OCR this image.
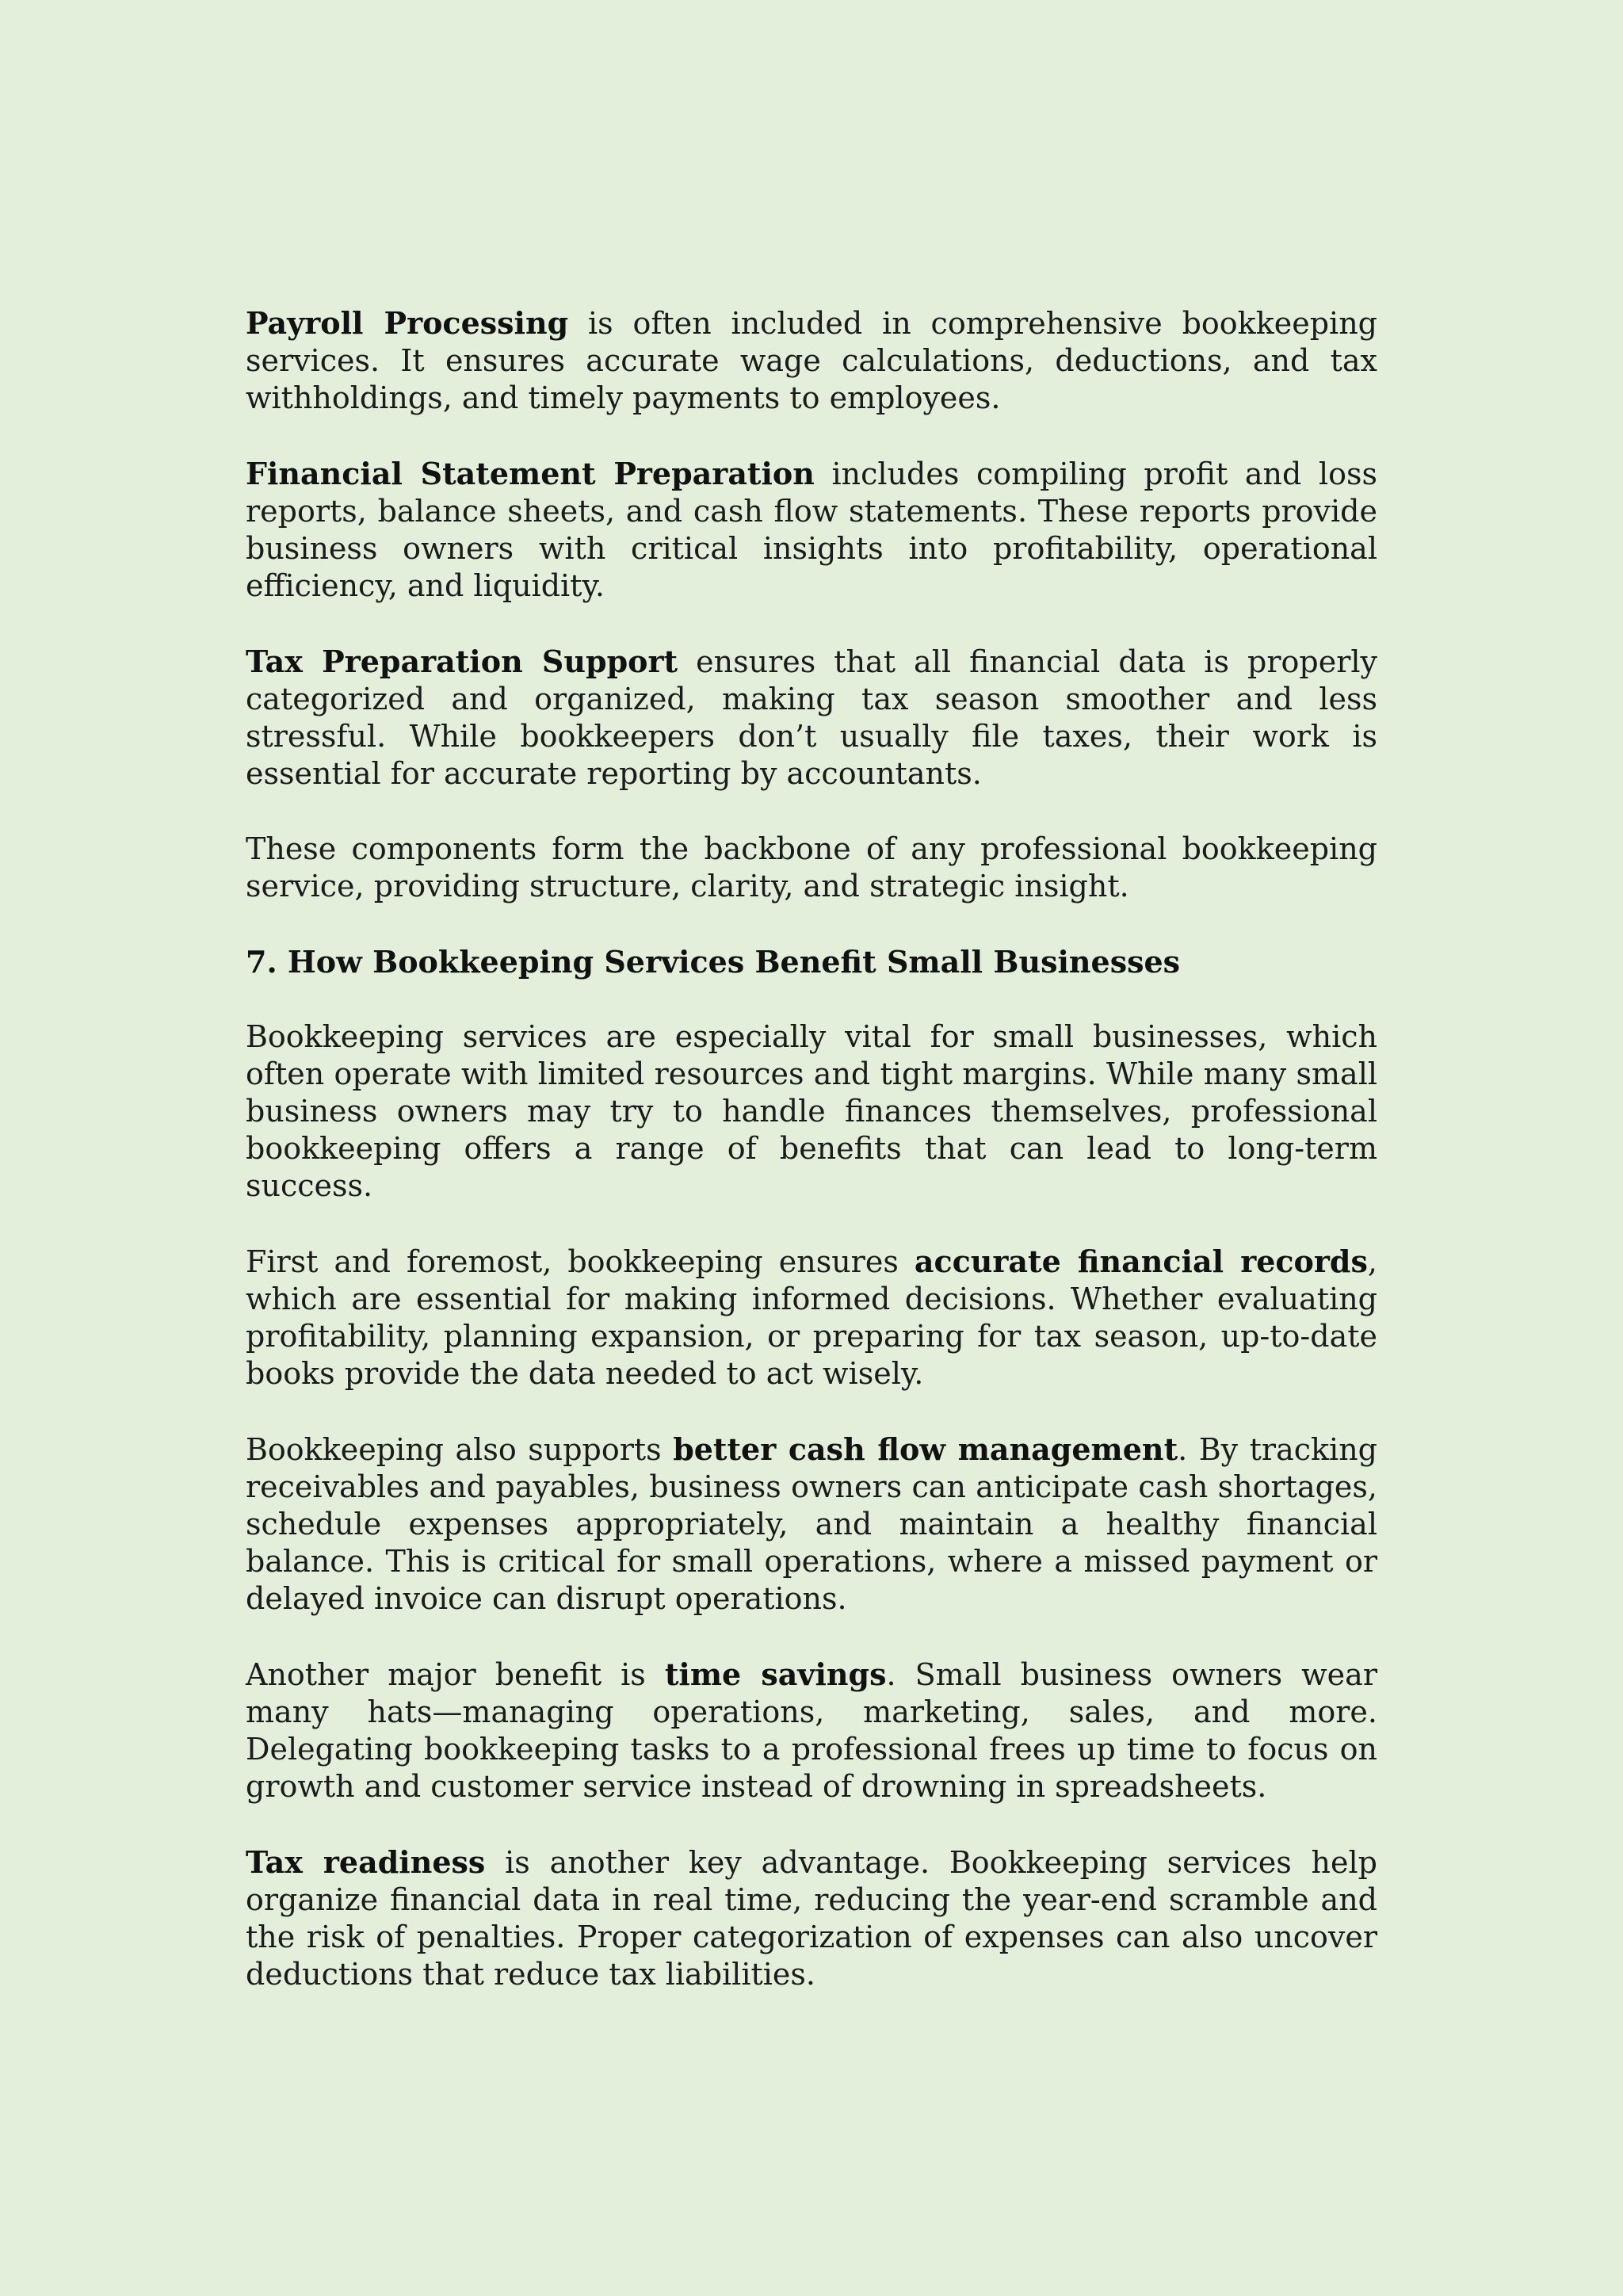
Payroll Processing is often included in comprehensive bookkeeping services. It ensures accurate wage calculations, deductions, and tax withholdings, and timely payments to employees.

Financial Statement Preparation includes compiling profit and loss reports, balance sheets, and cash flow statements. These reports provide business owners with critical insights into profitability, operational efficiency, and liquidity.

Tax Preparation Support ensures that all financial data is properly categorized and organized, making tax season smoother and less stressful. While bookkeepers don’t usually file taxes, their work is essential for accurate reporting by accountants.

These components form the backbone of any professional bookkeeping service, providing structure, clarity, and strategic insight.

7. How Bookkeeping Services Benefit Small Businesses

Bookkeeping services are especially vital for small businesses, which often operate with limited resources and tight margins. While many small business owners may try to handle finances themselves, professional bookkeeping offers a range of benefits that can lead to long-term success.

First and foremost, bookkeeping ensures accurate financial records, which are essential for making informed decisions. Whether evaluating profitability, planning expansion, or preparing for tax season, up-to-date books provide the data needed to act wisely.

Bookkeeping also supports better cash flow management. By tracking receivables and payables, business owners can anticipate cash shortages, schedule expenses appropriately, and maintain a healthy financial balance. This is critical for small operations, where a missed payment or delayed invoice can disrupt operations.

Another major benefit is time savings. Small business owners wear many hats—managing operations, marketing, sales, and more. Delegating bookkeeping tasks to a professional frees up time to focus on growth and customer service instead of drowning in spreadsheets.

Tax readiness is another key advantage. Bookkeeping services help organize financial data in real time, reducing the year-end scramble and the risk of penalties. Proper categorization of expenses can also uncover deductions that reduce tax liabilities.
